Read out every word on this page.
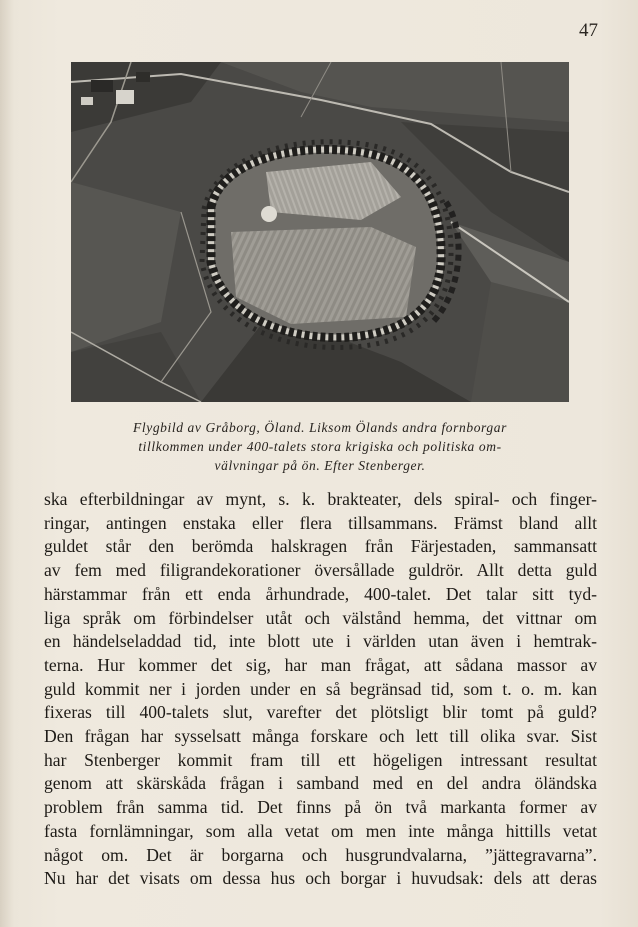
47
Flygbild av Gråborg, Öland. Liksom Ölands andra fornborgar
tillkommen under 400-talets stora krigiska och politiska om-
välvningar på ön. Efter Stenberger.
ska efterbildningar av mynt, s. k. brakteater, dels spiral- och finger-
ringar, antingen enstaka eller flera tillsammans. Främst bland allt
guldet står den berömda halskragen från Färjestaden, sammansatt
av fem med filigrandekorationer översållade guldrör. Allt detta guld
härstammar från ett enda århundrade, 400-talet. Det talar sitt tyd-
liga språk om förbindelser utåt och välstånd hemma, det vittnar om
en händelseladdad tid, inte blott ute i världen utan även i hemtrak-
terna. Hur kommer det sig, har man frågat, att sådana massor av
guld kommit ner i jorden under en så begränsad tid, som t. o. m. kan
fixeras till 400-talets slut, varefter det plötsligt blir tomt på guld?
Den frågan har sysselsatt många forskare och lett till olika svar. Sist
har Stenberger kommit fram till ett högeligen intressant resultat
genom att skärskåda frågan i samband med en del andra öländska
problem från samma tid. Det finns på ön två markanta former av
fasta fornlämningar, som alla vetat om men inte många hittills vetat
något om. Det är borgarna och husgrundvalarna, ”jättegravarna”.
Nu har det visats om dessa hus och borgar i huvudsak: dels att deras
